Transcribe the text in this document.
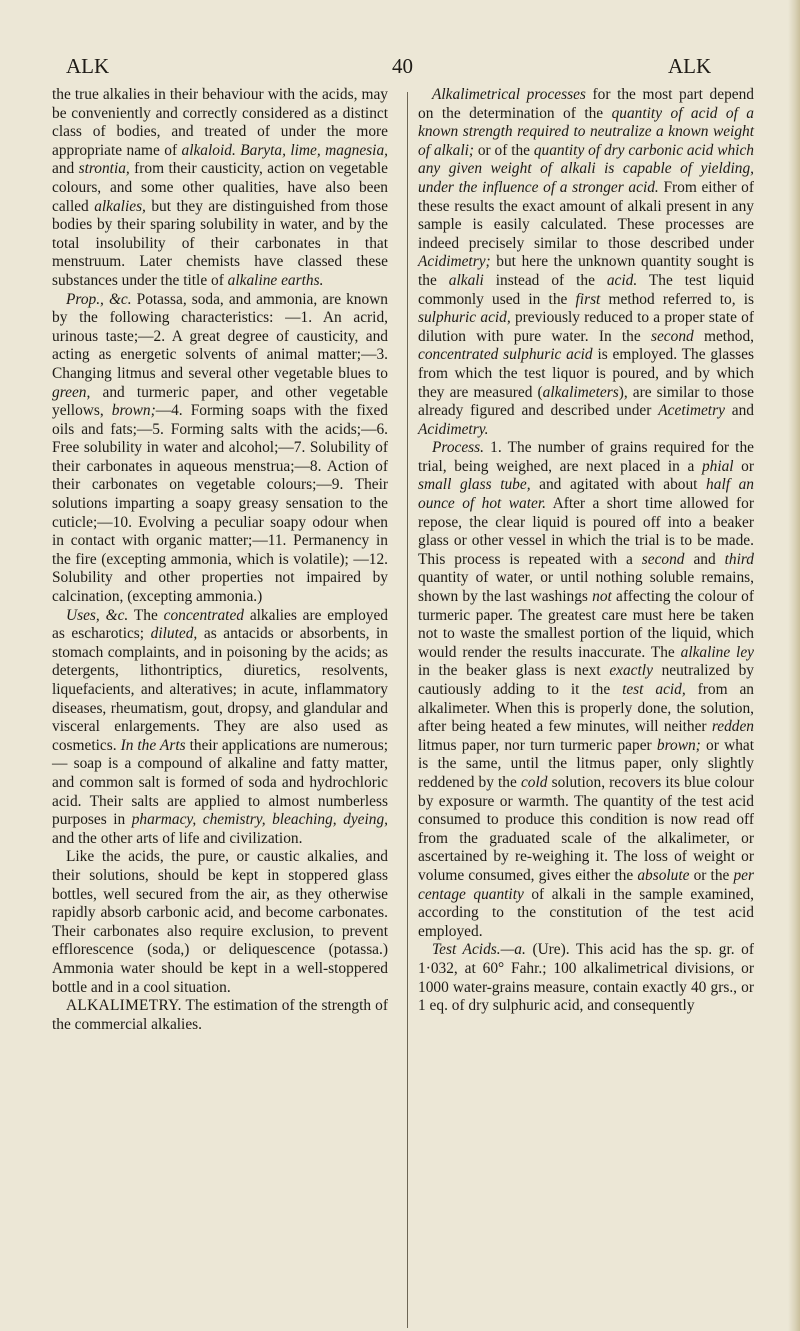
ALK	40	ALK

the true alkalies in their behaviour with the acids, may be conveniently and correctly considered as a distinct class of bodies, and treated of under the more appropriate name of alkaloid. Baryta, lime, magnesia, and strontia, from their causticity, action on vegetable colours, and some other qualities, have also been called alkalies, but they are distinguished from those bodies by their sparing solubility in water, and by the total insolubility of their carbonates in that menstruum. Later chemists have classed these substances under the title of alkaline earths.

Prop., &c. Potassa, soda, and ammonia, are known by the following characteristics: —1. An acrid, urinous taste;—2. A great degree of causticity, and acting as energetic solvents of animal matter;—3. Changing litmus and several other vegetable blues to green, and turmeric paper, and other vegetable yellows, brown;—4. Forming soaps with the fixed oils and fats;—5. Forming salts with the acids;—6. Free solubility in water and alcohol;—7. Solubility of their carbonates in aqueous menstrua;—8. Action of their carbonates on vegetable colours;—9. Their solutions imparting a soapy greasy sensation to the cuticle;—10. Evolving a peculiar soapy odour when in contact with organic matter;—11. Permanency in the fire (excepting ammonia, which is volatile); —12. Solubility and other properties not impaired by calcination, (excepting ammonia.)

Uses, &c. The concentrated alkalies are employed as escharotics; diluted, as antacids or absorbents, in stomach complaints, and in poisoning by the acids; as detergents, lithontriptics, diuretics, resolvents, liquefacients, and alteratives; in acute, inflammatory diseases, rheumatism, gout, dropsy, and glandular and visceral enlargements. They are also used as cosmetics. In the Arts their applications are numerous;— soap is a compound of alkaline and fatty matter, and common salt is formed of soda and hydrochloric acid. Their salts are applied to almost numberless purposes in pharmacy, chemistry, bleaching, dyeing, and the other arts of life and civilization.

Like the acids, the pure, or caustic alkalies, and their solutions, should be kept in stoppered glass bottles, well secured from the air, as they otherwise rapidly absorb carbonic acid, and become carbonates. Their carbonates also require exclusion, to prevent efflorescence (soda,) or deliquescence (potassa.) Ammonia water should be kept in a well-stoppered bottle and in a cool situation.

ALKALIMETRY. The estimation of the strength of the commercial alkalies.

Alkalimetrical processes for the most part depend on the determination of the quantity of acid of a known strength required to neutralize a known weight of alkali; or of the quantity of dry carbonic acid which any given weight of alkali is capable of yielding, under the influence of a stronger acid. From either of these results the exact amount of alkali present in any sample is easily calculated. These processes are indeed precisely similar to those described under Acidimetry; but here the unknown quantity sought is the alkali instead of the acid. The test liquid commonly used in the first method referred to, is sulphuric acid, previously reduced to a proper state of dilution with pure water. In the second method, concentrated sulphuric acid is employed. The glasses from which the test liquor is poured, and by which they are measured (alkalimeters), are similar to those already figured and described under Acetimetry and Acidimetry.

Process. 1. The number of grains required for the trial, being weighed, are next placed in a phial or small glass tube, and agitated with about half an ounce of hot water. After a short time allowed for repose, the clear liquid is poured off into a beaker glass or other vessel in which the trial is to be made. This process is repeated with a second and third quantity of water, or until nothing soluble remains, shown by the last washings not affecting the colour of turmeric paper. The greatest care must here be taken not to waste the smallest portion of the liquid, which would render the results inaccurate. The alkaline ley in the beaker glass is next exactly neutralized by cautiously adding to it the test acid, from an alkalimeter. When this is properly done, the solution, after being heated a few minutes, will neither redden litmus paper, nor turn turmeric paper brown; or what is the same, until the litmus paper, only slightly reddened by the cold solution, recovers its blue colour by exposure or warmth. The quantity of the test acid consumed to produce this condition is now read off from the graduated scale of the alkalimeter, or ascertained by re-weighing it. The loss of weight or volume consumed, gives either the absolute or the per centage quantity of alkali in the sample examined, according to the constitution of the test acid employed.

Test Acids.—a. (Ure). This acid has the sp. gr. of 1·032, at 60° Fahr.; 100 alkalimetrical divisions, or 1000 water-grains measure, contain exactly 40 grs., or 1 eq. of dry sulphuric acid, and consequently
